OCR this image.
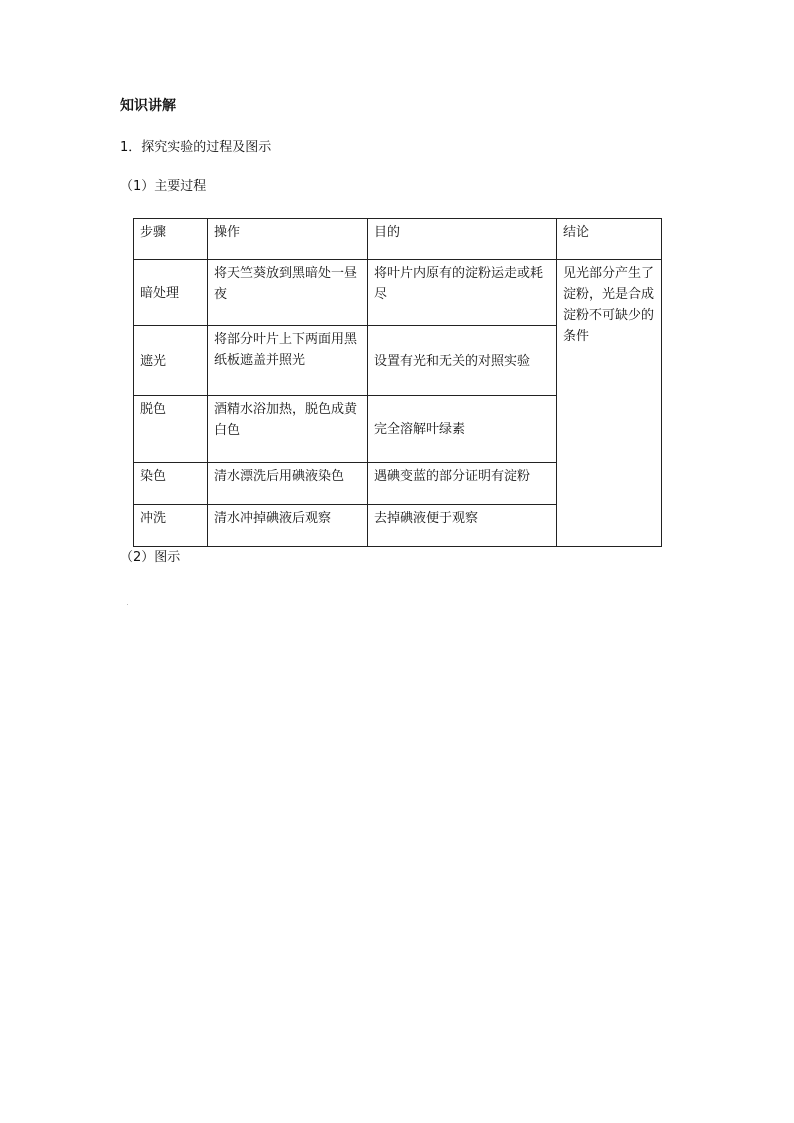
知识讲解
1．探究实验的过程及图示
（1）主要过程
步骤	操作	目的	结论
暗处理	将天竺葵放到黑暗处一昼夜	将叶片内原有的淀粉运走或耗尽	见光部分产生了淀粉，光是合成淀粉不可缺少的条件
遮光	将部分叶片上下两面用黑纸板遮盖并照光	设置有光和无关的对照实验	
脱色	酒精水浴加热，脱色成黄白色	完全溶解叶绿素	
染色	清水漂洗后用碘液染色	遇碘变蓝的部分证明有淀粉	
冲洗	清水冲掉碘液后观察	去掉碘液便于观察	
（2）图示
